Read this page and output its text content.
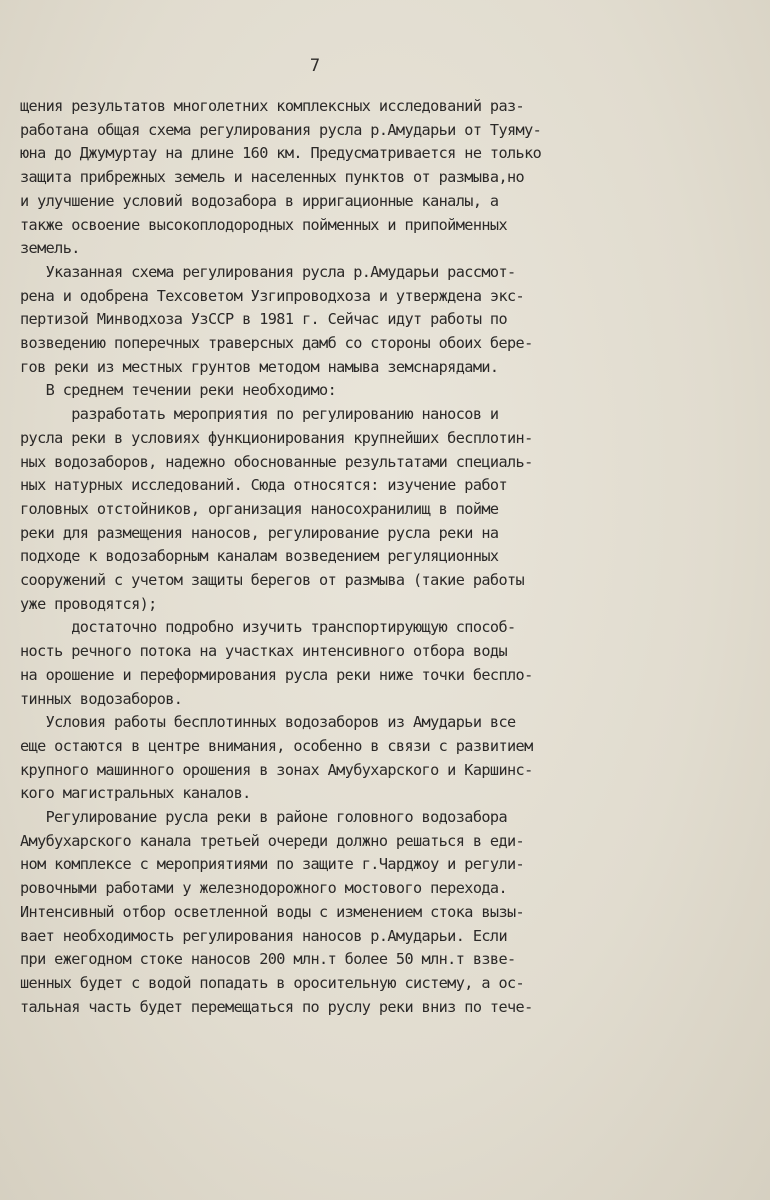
7
щения результатов многолетних комплексных исследований раз-
работана общая схема регулирования русла р.Амударьи от Туяму-
юна до Джумуртау на длине 160 км. Предусматривается не только
защита прибрежных земель и населенных пунктов от размыва,но
и улучшение условий водозабора в ирригационные каналы, а
также освоение высокоплодородных пойменных и припойменных
земель.
Указанная схема регулирования русла р.Амударьи рассмот-
рена и одобрена Техсоветом Узгипроводхоза и утверждена экс-
пертизой Минводхоза УзССР в 1981 г. Сейчас идут работы по
возведению поперечных траверсных дамб со стороны обоих бере-
гов реки из местных грунтов методом намыва земснарядами.
В среднем течении реки необходимо:
разработать мероприятия по регулированию наносов и
русла реки в условиях функционирования крупнейших бесплотин-
ных водозаборов, надежно обоснованные результатами специаль-
ных натурных исследований. Сюда относятся: изучение работ
головных отстойников, организация наносохранилищ в пойме
реки для размещения наносов, регулирование русла реки на
подходе к водозаборным каналам возведением регуляционных
сооружений с учетом защиты берегов от размыва (такие работы
уже проводятся);
достаточно подробно изучить транспортирующую способ-
ность речного потока на участках интенсивного отбора воды
на орошение и переформирования русла реки ниже точки беспло-
тинных водозаборов.
Условия работы бесплотинных водозаборов из Амударьи все
еще остаются в центре внимания, особенно в связи с развитием
крупного машинного орошения в зонах Амубухарского и Каршинс-
кого магистральных каналов.
Регулирование русла реки в районе головного водозабора
Амубухарского канала третьей очереди должно решаться в еди-
ном комплексе с мероприятиями по защите г.Чарджоу и регули-
ровочными работами у железнодорожного мостового перехода.
Интенсивный отбор осветленной воды с изменением стока вызы-
вает необходимость регулирования наносов р.Амударьи. Если
при ежегодном стоке наносов 200 млн.т более 50 млн.т взве-
шенных будет с водой попадать в оросительную систему, а ос-
тальная часть будет перемещаться по руслу реки вниз по тече-
